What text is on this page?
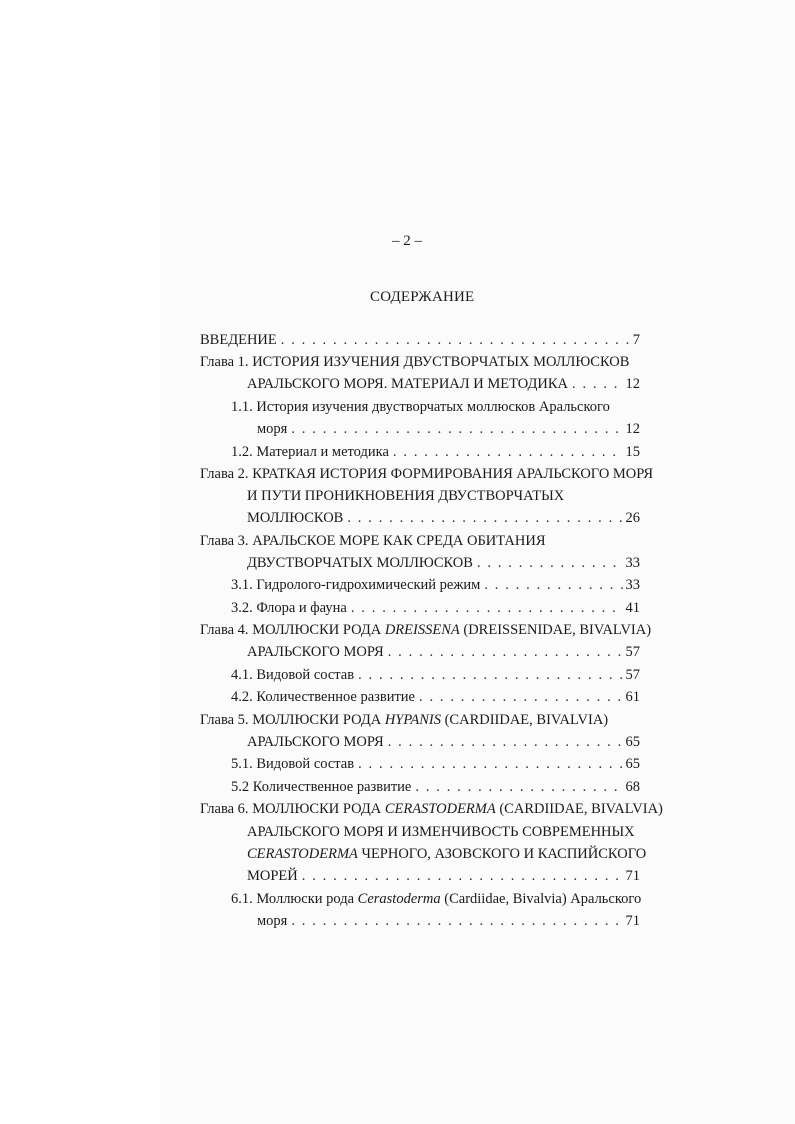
– 2 –
СОДЕРЖАНИЕ
ВВЕДЕНИЕ . . .	7
Глава 1. ИСТОРИЯ ИЗУЧЕНИЯ ДВУСТВОРЧАТЫХ МОЛЛЮСКОВ
АРАЛЬСКОГО МОРЯ. МАТЕРИАЛ И МЕТОДИКА . . .	12
1.1. История изучения двустворчатых моллюсков Аральского
моря . . .	12
1.2. Материал и методика . . .	15
Глава 2. КРАТКАЯ ИСТОРИЯ ФОРМИРОВАНИЯ АРАЛЬСКОГО МОРЯ
И ПУТИ ПРОНИКНОВЕНИЯ ДВУСТВОРЧАТЫХ
МОЛЛЮСКОВ . . .	26
Глава 3. АРАЛЬСКОЕ МОРЕ КАК СРЕДА ОБИТАНИЯ
ДВУСТВОРЧАТЫХ МОЛЛЮСКОВ . . .	33
3.1. Гидролого-гидрохимический режим . . .	33
3.2. Флора и фауна . . .	41
Глава 4. МОЛЛЮСКИ РОДА DREISSENA (DREISSENIDAE, BIVALVIA)
АРАЛЬСКОГО МОРЯ . . .	57
4.1. Видовой состав . . .	57
4.2. Количественное развитие . . .	61
Глава 5. МОЛЛЮСКИ РОДА HYPANIS (CARDIIDAE, BIVALVIA)
АРАЛЬСКОГО МОРЯ . . .	65
5.1. Видовой состав . . .	65
5.2 Количественное развитие . . .	68
Глава 6. МОЛЛЮСКИ РОДА CERASTODERMA (CARDIIDAE, BIVALVIA)
АРАЛЬСКОГО МОРЯ И ИЗМЕНЧИВОСТЬ СОВРЕМЕННЫХ
CERASTODERMA ЧЕРНОГО, АЗОВСКОГО И КАСПИЙСКОГО
МОРЕЙ . . .	71
6.1. Моллюски рода Cerastoderma (Cardiidae, Bivalvia) Аральского
моря . . .	71
